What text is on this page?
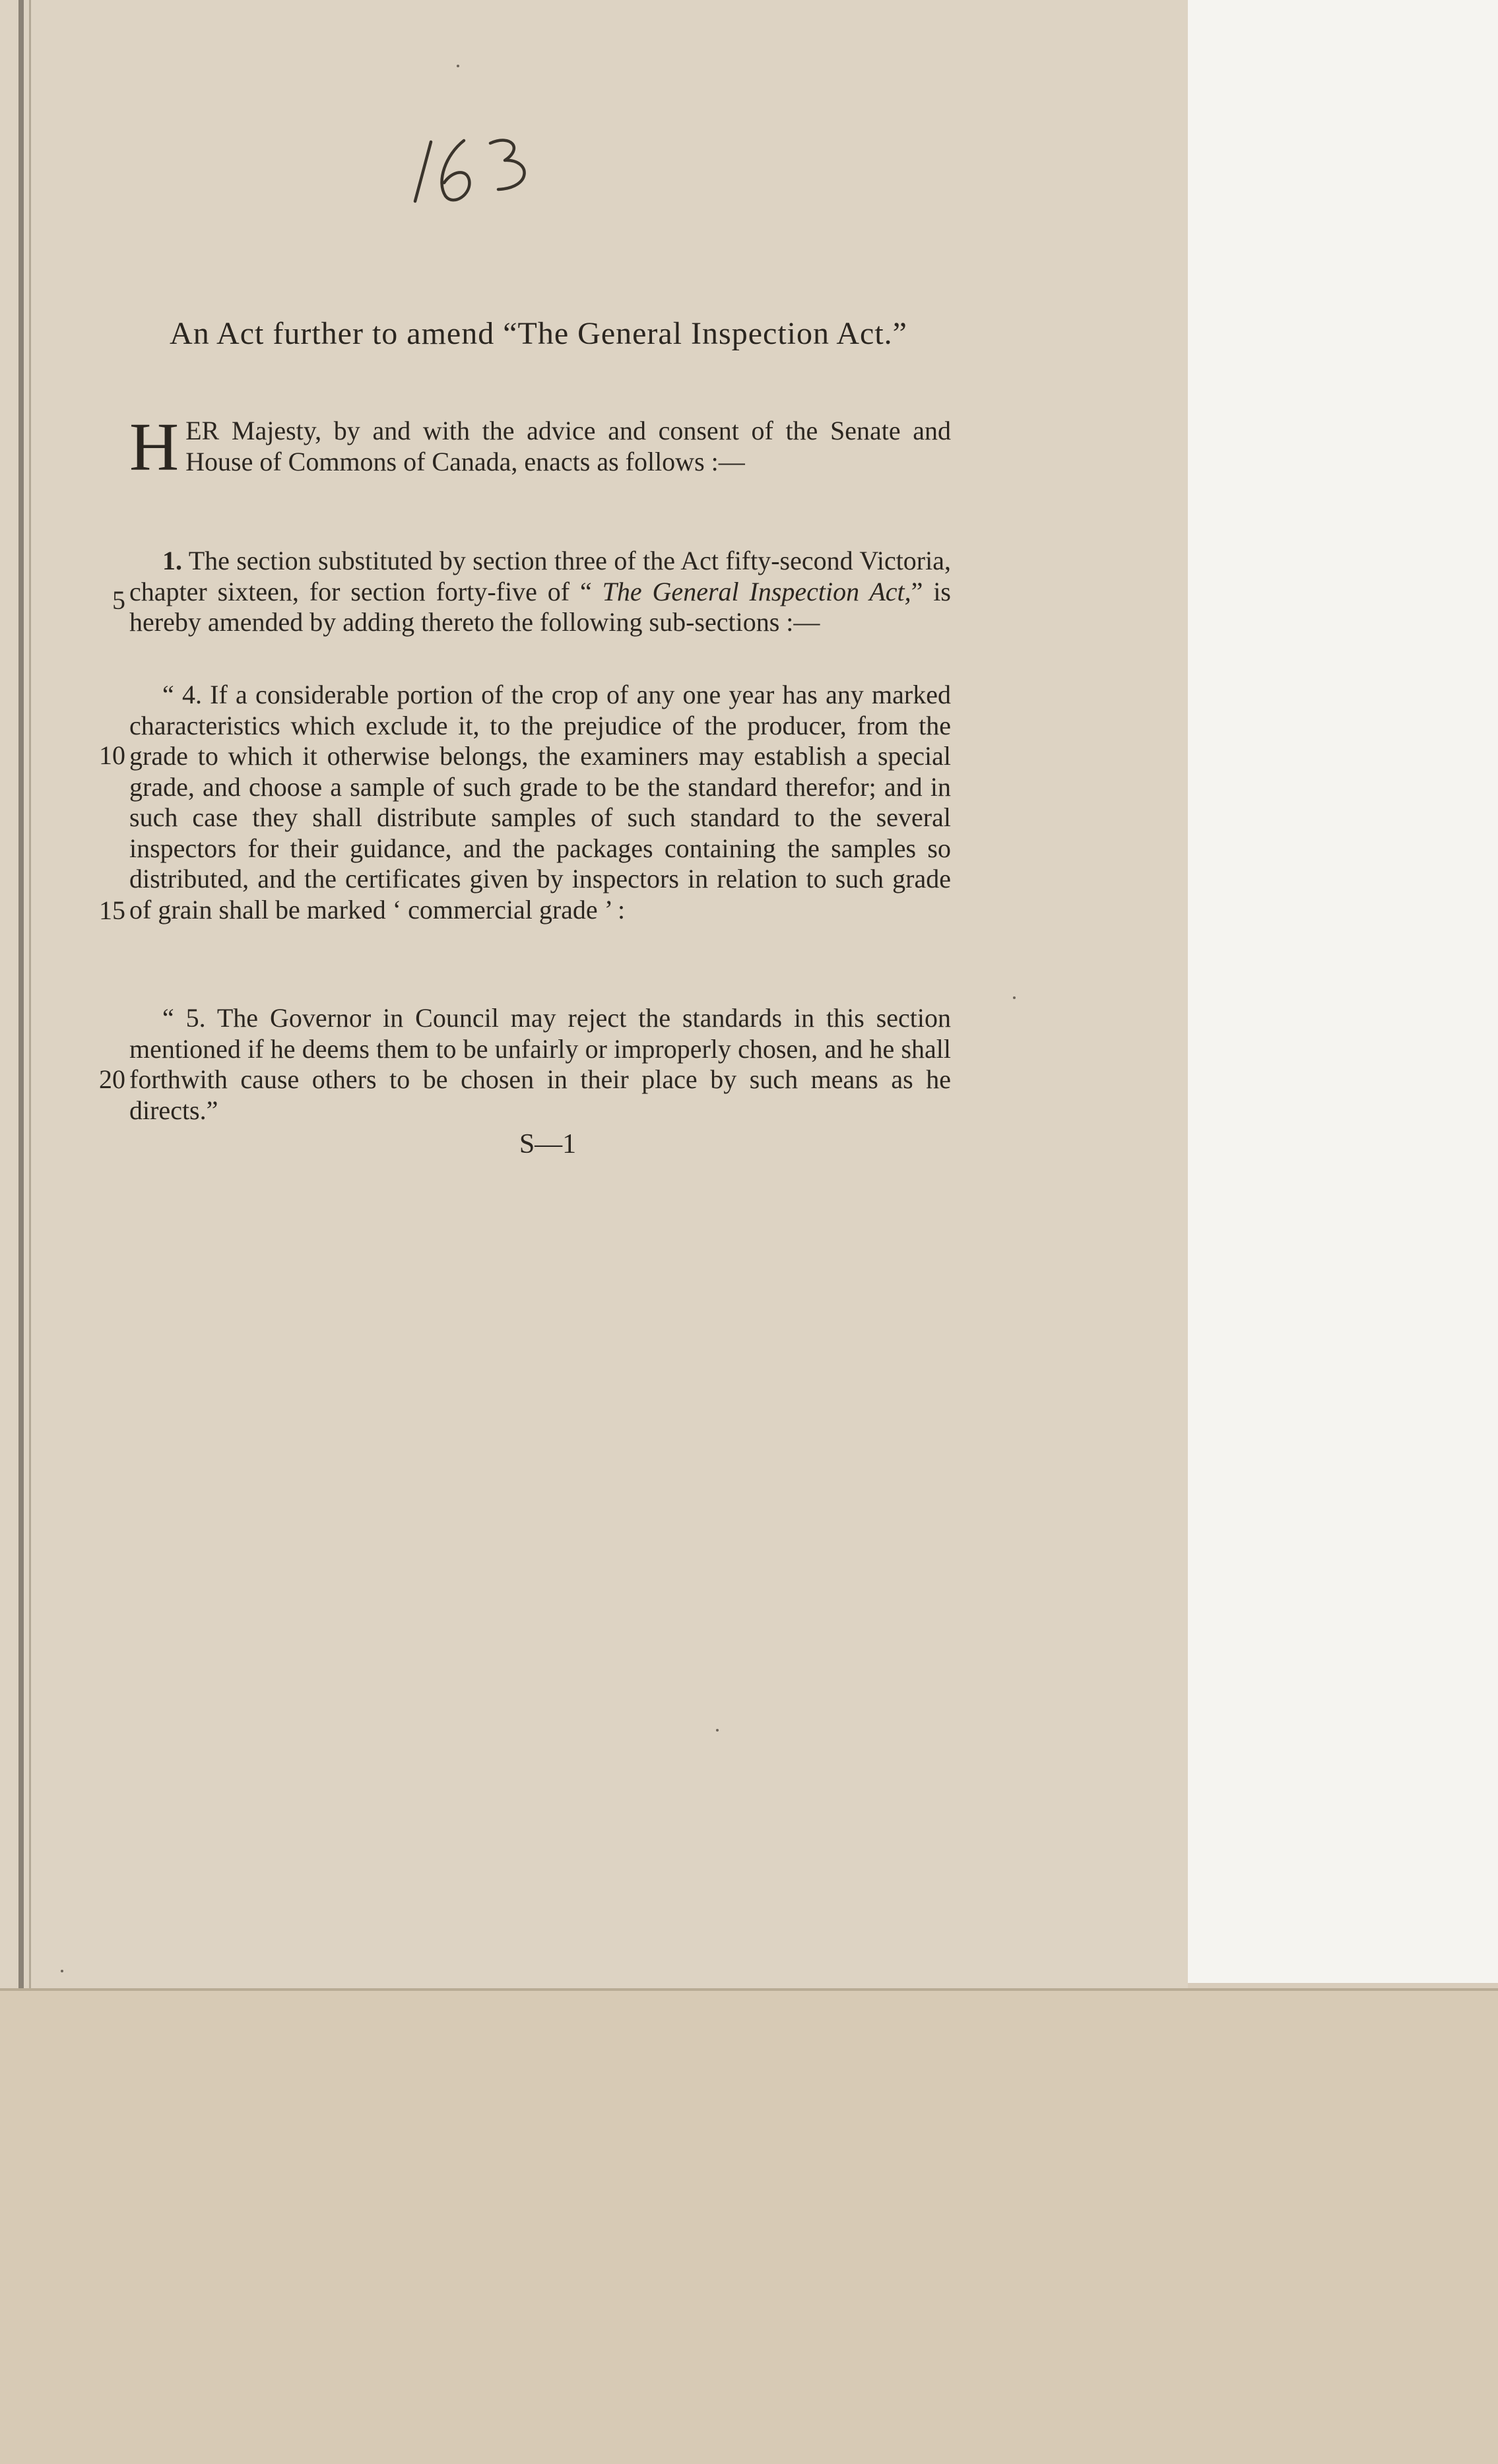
An Act further to amend “The General Inspection Act.”
HER Majesty, by and with the advice and consent of the Senate and House of Commons of Canada, enacts as follows :—
1. The section substituted by section three of the Act fifty-second Victoria, chapter sixteen, for section forty-five of “ The General Inspection Act,” is hereby amended by adding thereto the following sub-sections :—
“ 4. If a considerable portion of the crop of any one year has any marked characteristics which exclude it, to the prejudice of the producer, from the grade to which it otherwise belongs, the examiners may establish a special grade, and choose a sample of such grade to be the standard therefor; and in such case they shall distribute samples of such standard to the several inspectors for their guidance, and the packages containing the samples so distributed, and the certificates given by inspectors in relation to such grade of grain shall be marked ‘ commercial grade ’ :
“ 5. The Governor in Council may reject the standards in this section mentioned if he deems them to be unfairly or improperly chosen, and he shall forthwith cause others to be chosen in their place by such means as he directs.”
5
10
15
20
S—1
